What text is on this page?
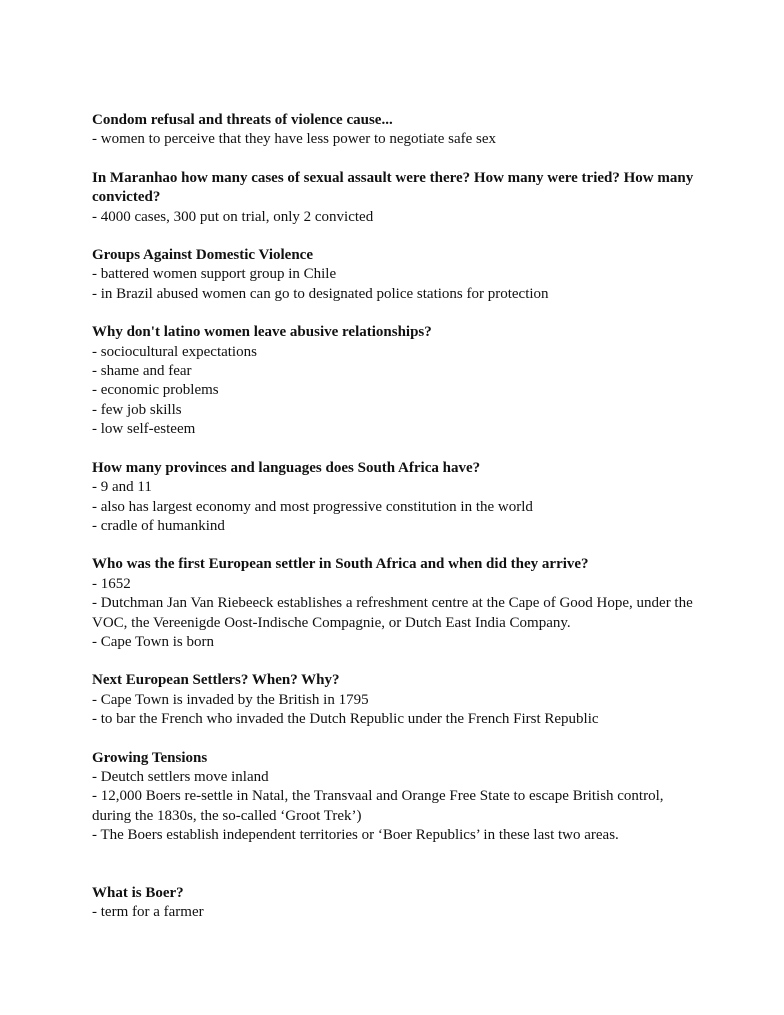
Condom refusal and threats of violence cause...

- women to perceive that they have less power to negotiate safe sex

In Maranhao how many cases of sexual assault were there? How many were tried? How many convicted?

- 4000 cases, 300 put on trial, only 2 convicted

Groups Against Domestic Violence

- battered women support group in Chile
- in Brazil abused women can go to designated police stations for protection

Why don't latino women leave abusive relationships?

- sociocultural expectations
- shame and fear
- economic problems
- few job skills
- low self-esteem

How many provinces and languages does South Africa have?

- 9 and 11
- also has largest economy and most progressive constitution in the world
- cradle of humankind

Who was the first European settler in South Africa and when did they arrive?

- 1652
- Dutchman Jan Van Riebeeck establishes a refreshment centre at the Cape of Good Hope, under the VOC, the Vereenigde Oost-Indische Compagnie, or Dutch East India Company.
- Cape Town is born

Next European Settlers? When? Why?

- Cape Town is invaded by the British in 1795
- to bar the French who invaded the Dutch Republic under the French First Republic

Growing Tensions

- Deutch settlers move inland
- 12,000 Boers re-settle in Natal, the Transvaal and Orange Free State to escape British control, during the 1830s, the so-called ‘Groot Trek’)
- The Boers establish independent territories or ‘Boer Republics’ in these last two areas.

What is Boer?

- term for a farmer
